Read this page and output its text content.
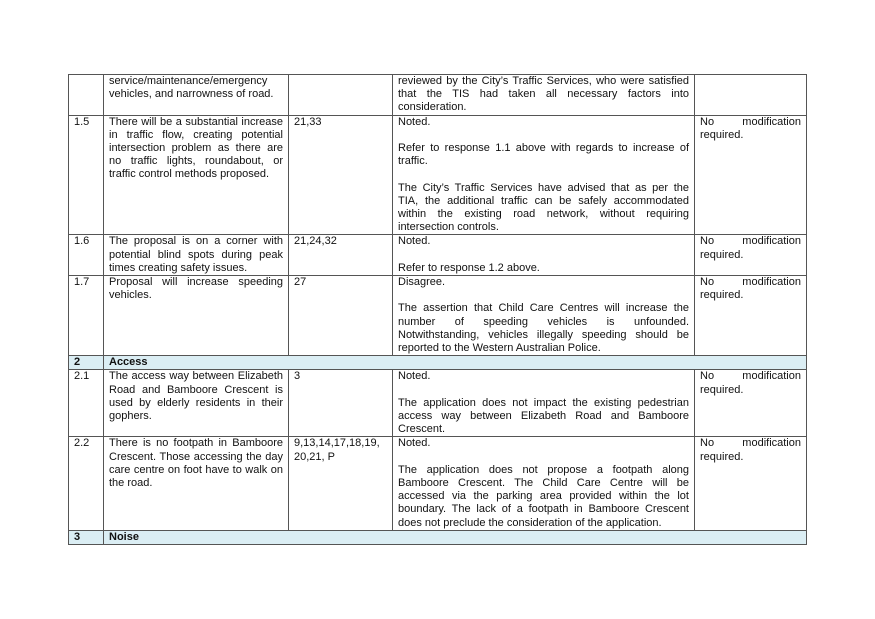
	service/maintenance/emergency vehicles, and narrowness of road.		reviewed by the City’s Traffic Services, who were satisfied that the TIS had taken all necessary factors into consideration.	

1.5	There will be a substantial increase in traffic flow, creating potential intersection problem as there are no traffic lights, roundabout, or traffic control methods proposed.	21,33	Noted.

Refer to response 1.1 above with regards to increase of traffic.

The City’s Traffic Services have advised that as per the TIA, the additional traffic can be safely accommodated within the existing road network, without requiring intersection controls.	No modification required.
1.6	The proposal is on a corner with potential blind spots during peak times creating safety issues.	21,24,32	Noted.

Refer to response 1.2 above.	No modification required.
1.7	Proposal will increase speeding vehicles.	27	Disagree.

The assertion that Child Care Centres will increase the number of speeding vehicles is unfounded. Notwithstanding, vehicles illegally speeding should be reported to the Western Australian Police.	No modification required.
2	Access			
2.1	The access way between Elizabeth Road and Bamboore Crescent is used by elderly residents in their gophers.	3	Noted.

The application does not impact the existing pedestrian access way between Elizabeth Road and Bamboore Crescent.	No modification required.
2.2	There is no footpath in Bamboore Crescent. Those accessing the day care centre on foot have to walk on the road.	9,13,14,17,18,19, 20,21, P	Noted.

The application does not propose a footpath along Bamboore Crescent. The Child Care Centre will be accessed via the parking area provided within the lot boundary. The lack of a footpath in Bamboore Crescent does not preclude the consideration of the application.	No modification required.
3	Noise			
